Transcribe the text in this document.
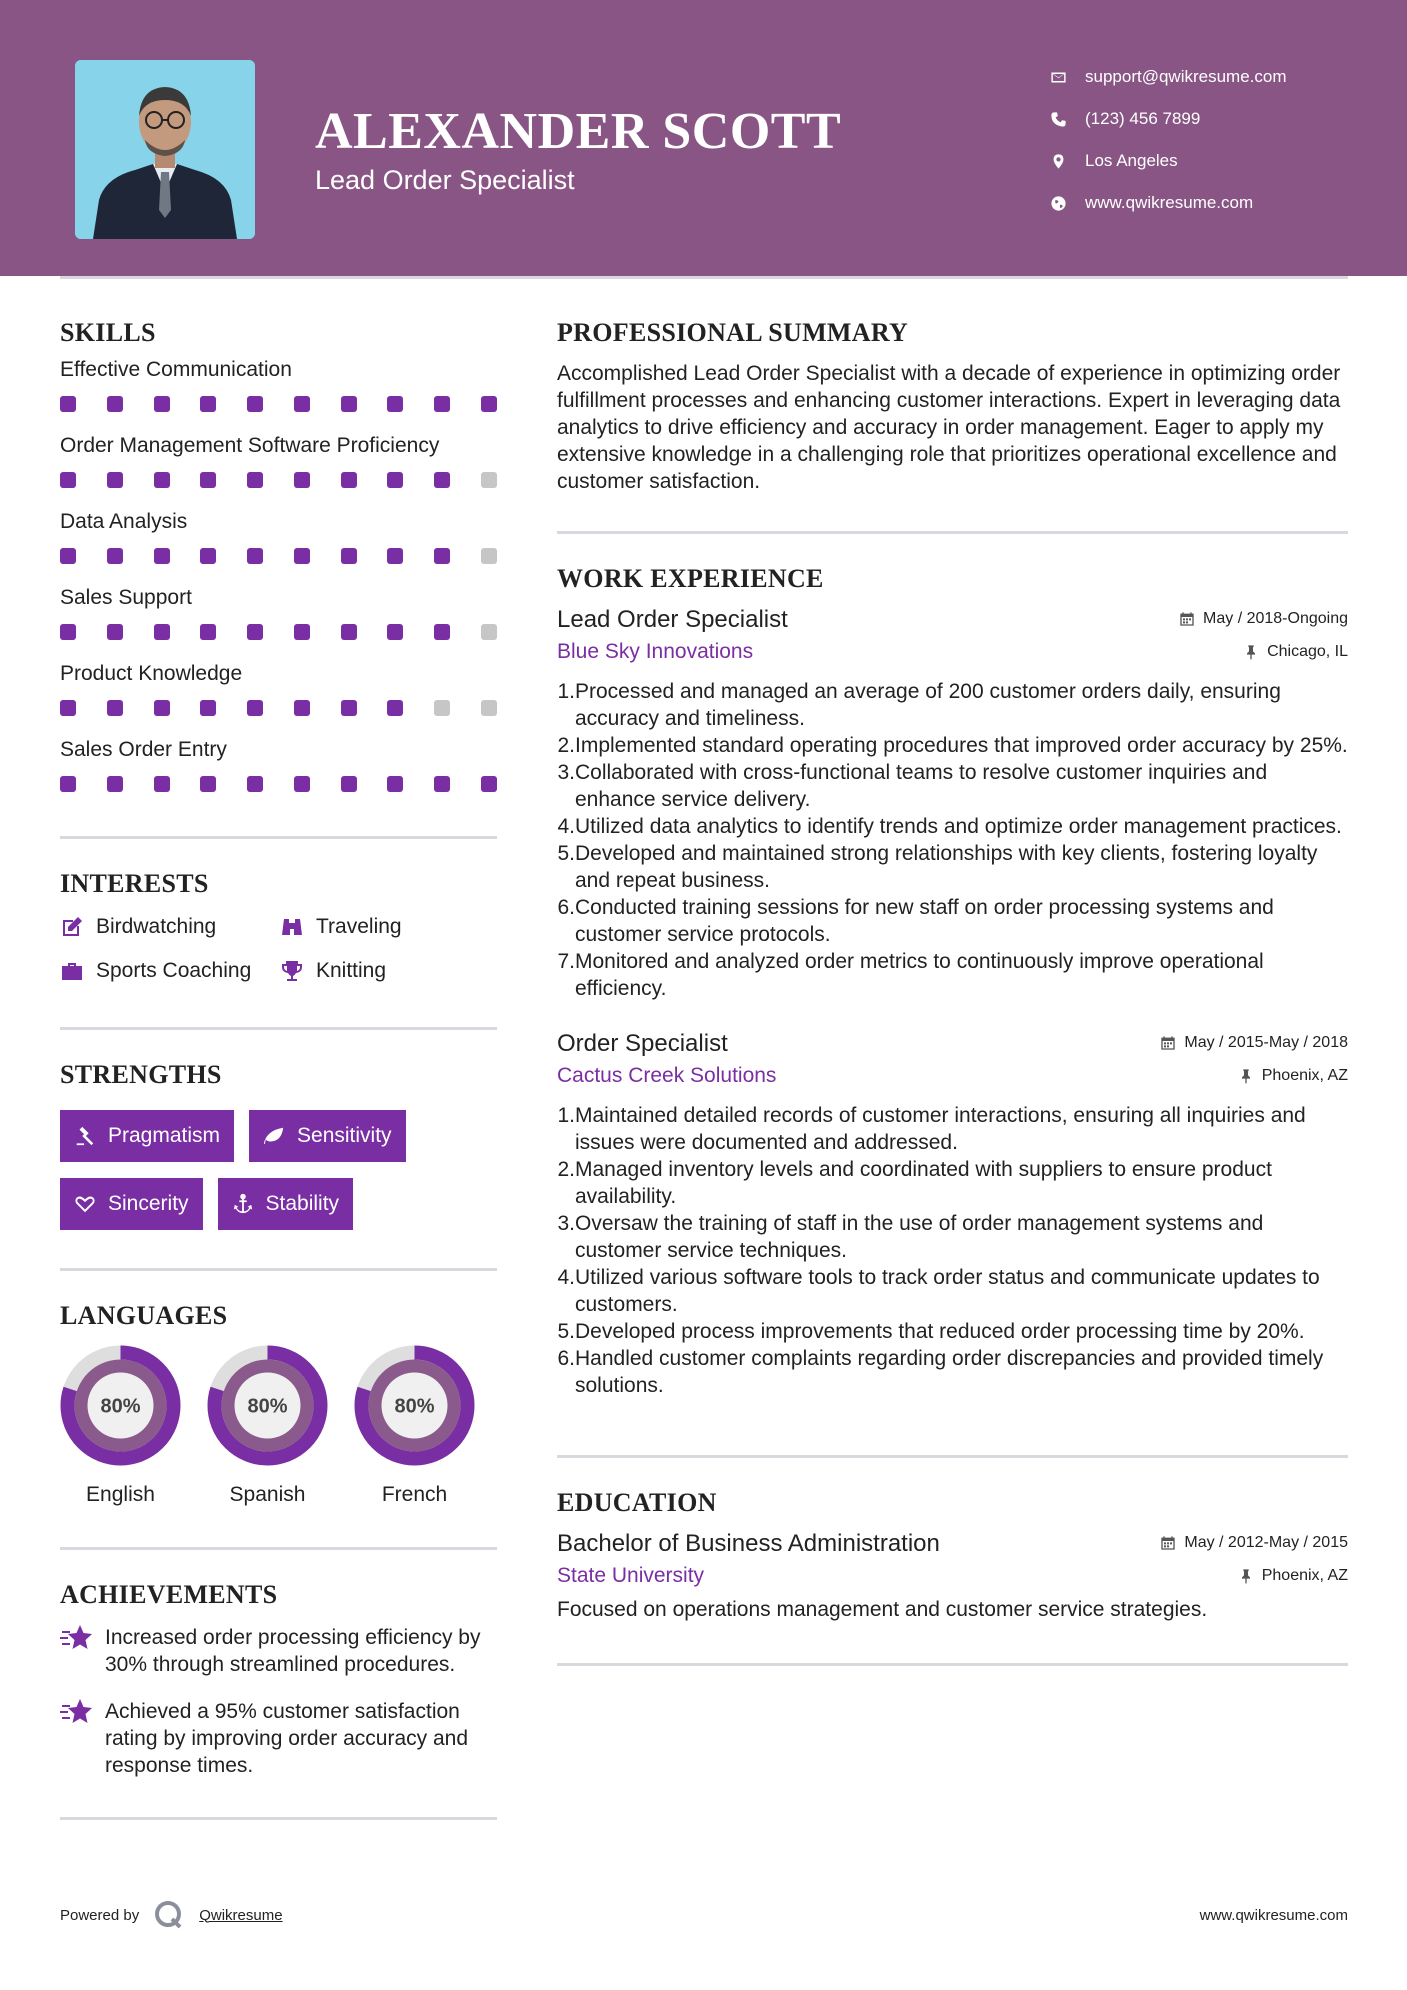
ALEXANDER SCOTT
Lead Order Specialist
support@qwikresume.com
(123) 456 7899
Los Angeles
www.qwikresume.com
SKILLS
Effective Communication
Order Management Software Proficiency
Data Analysis
Sales Support
Product Knowledge
Sales Order Entry
INTERESTS
Birdwatching	Traveling
Sports Coaching	Knitting
STRENGTHS
Pragmatism	Sensitivity
Sincerity	Stability
LANGUAGES
80%
English
80%
Spanish
80%
French
ACHIEVEMENTS
Increased order processing efficiency by 30% through streamlined procedures.
Achieved a 95% customer satisfaction rating by improving order accuracy and response times.
PROFESSIONAL SUMMARY
Accomplished Lead Order Specialist with a decade of experience in optimizing order fulfillment processes and enhancing customer interactions. Expert in leveraging data analytics to drive efficiency and accuracy in order management. Eager to apply my extensive knowledge in a challenging role that prioritizes operational excellence and customer satisfaction.
WORK EXPERIENCE
Lead Order Specialist	May / 2018-Ongoing
Blue Sky Innovations	Chicago, IL
1. Processed and managed an average of 200 customer orders daily, ensuring accuracy and timeliness.
2. Implemented standard operating procedures that improved order accuracy by 25%.
3. Collaborated with cross-functional teams to resolve customer inquiries and enhance service delivery.
4. Utilized data analytics to identify trends and optimize order management practices.
5. Developed and maintained strong relationships with key clients, fostering loyalty and repeat business.
6. Conducted training sessions for new staff on order processing systems and customer service protocols.
7. Monitored and analyzed order metrics to continuously improve operational efficiency.
Order Specialist	May / 2015-May / 2018
Cactus Creek Solutions	Phoenix, AZ
1. Maintained detailed records of customer interactions, ensuring all inquiries and issues were documented and addressed.
2. Managed inventory levels and coordinated with suppliers to ensure product availability.
3. Oversaw the training of staff in the use of order management systems and customer service techniques.
4. Utilized various software tools to track order status and communicate updates to customers.
5. Developed process improvements that reduced order processing time by 20%.
6. Handled customer complaints regarding order discrepancies and provided timely solutions.
EDUCATION
Bachelor of Business Administration	May / 2012-May / 2015
State University	Phoenix, AZ
Focused on operations management and customer service strategies.
Powered by	Qwikresume	www.qwikresume.com
